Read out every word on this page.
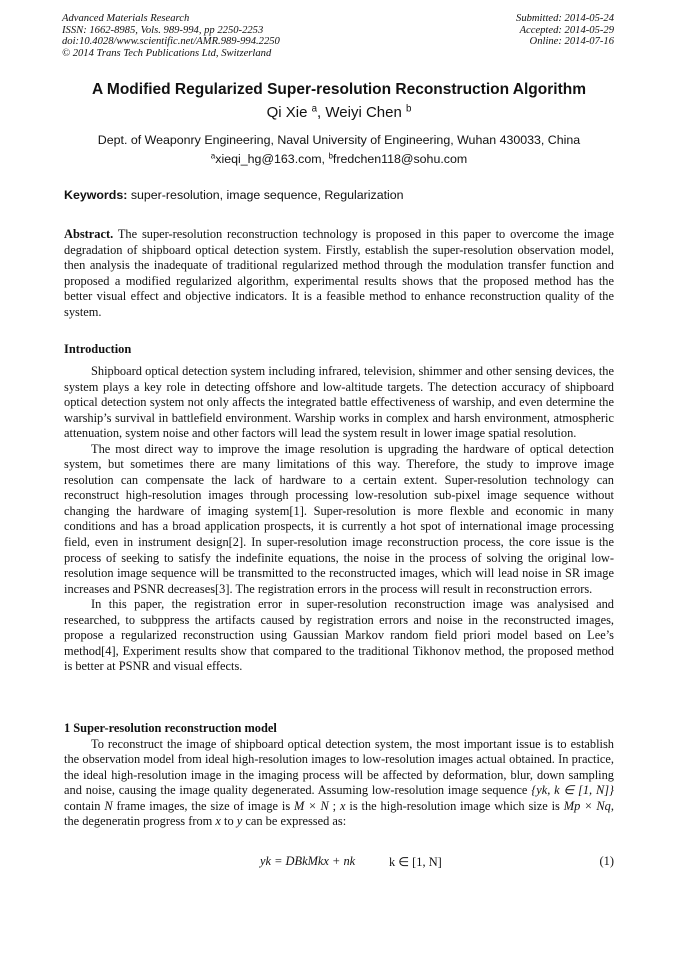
Advanced Materials Research
ISSN: 1662-8985, Vols. 989-994, pp 2250-2253
doi:10.4028/www.scientific.net/AMR.989-994.2250
© 2014 Trans Tech Publications Ltd, Switzerland
Submitted: 2014-05-24
Accepted: 2014-05-29
Online: 2014-07-16
A Modified Regularized Super-resolution Reconstruction Algorithm
Qi Xie $^a$, Weiyi Chen $^b$
Dept. of Weaponry Engineering, Naval University of Engineering, Wuhan 430033, China
$^a$xieqi_hg@163.com, $^b$fredchen118@sohu.com
Keywords: super-resolution, image sequence, Regularization

Abstract. The super-resolution reconstruction technology is proposed in this paper to overcome the image degradation of shipboard optical detection system. Firstly, establish the super-resolution observation model, then analysis the inadequate of traditional regularized method through the modulation transfer function and proposed a modified regularized algorithm, experimental results shows that the proposed method has the better visual effect and objective indicators. It is a feasible method to enhance reconstruction quality of the system.

Introduction

Shipboard optical detection system including infrared, television, shimmer and other sensing devices, the system plays a key role in detecting offshore and low-altitude targets. The detection accuracy of shipboard optical detection system not only affects the integrated battle effectiveness of warship, and even determine the warship’s survival in battlefield environment. Warship works in complex and harsh environment, atmospheric attenuation, system noise and other factors will lead the system result in lower image spatial resolution.

The most direct way to improve the image resolution is upgrading the hardware of optical detection system, but sometimes there are many limitations of this way. Therefore, the study to improve image resolution can compensate the lack of hardware to a certain extent. Super-resolution technology can reconstruct high-resolution images through processing low-resolution sub-pixel image sequence without changing the hardware of imaging system[1]. Super-resolution is more flexble and economic in many conditions and has a broad application prospects, it is currently a hot spot of international image processing field, even in instrument design[2]. In super-resolution image reconstruction process, the core issue is the process of seeking to satisfy the indefinite equations, the noise in the process of solving the original low-resolution image sequence will be transmitted to the reconstructed images, which will lead noise in SR image increases and PSNR decreases[3]. The registration errors in the process will result in reconstruction errors.

In this paper, the registration error in super-resolution reconstruction image was analysised and researched, to subppress the artifacts caused by registration errors and noise in the reconstructed images, propose a regularized reconstruction using Gaussian Markov random field priori model based on Lee’s method[4], Experiment results show that compared to the traditional Tikhonov method, the proposed method is better at PSNR and visual effects.

1 Super-resolution reconstruction model

To reconstruct the image of shipboard optical detection system, the most important issue is to establish the observation model from ideal high-resolution images to low-resolution images actual obtained. In practice, the ideal high-resolution image in the imaging process will be affected by deformation, blur, down sampling and noise, causing the image quality degenerated. Assuming low-resolution image sequence {yk, k ∈ [1, N]} contain N frame images, the size of image is M × N ; x is the high-resolution image which size is Mp × Nq, the degeneratin progress from x to y can be expressed as:

yk = DBkMkx + nk	k ∈ [1, N]	(1)
